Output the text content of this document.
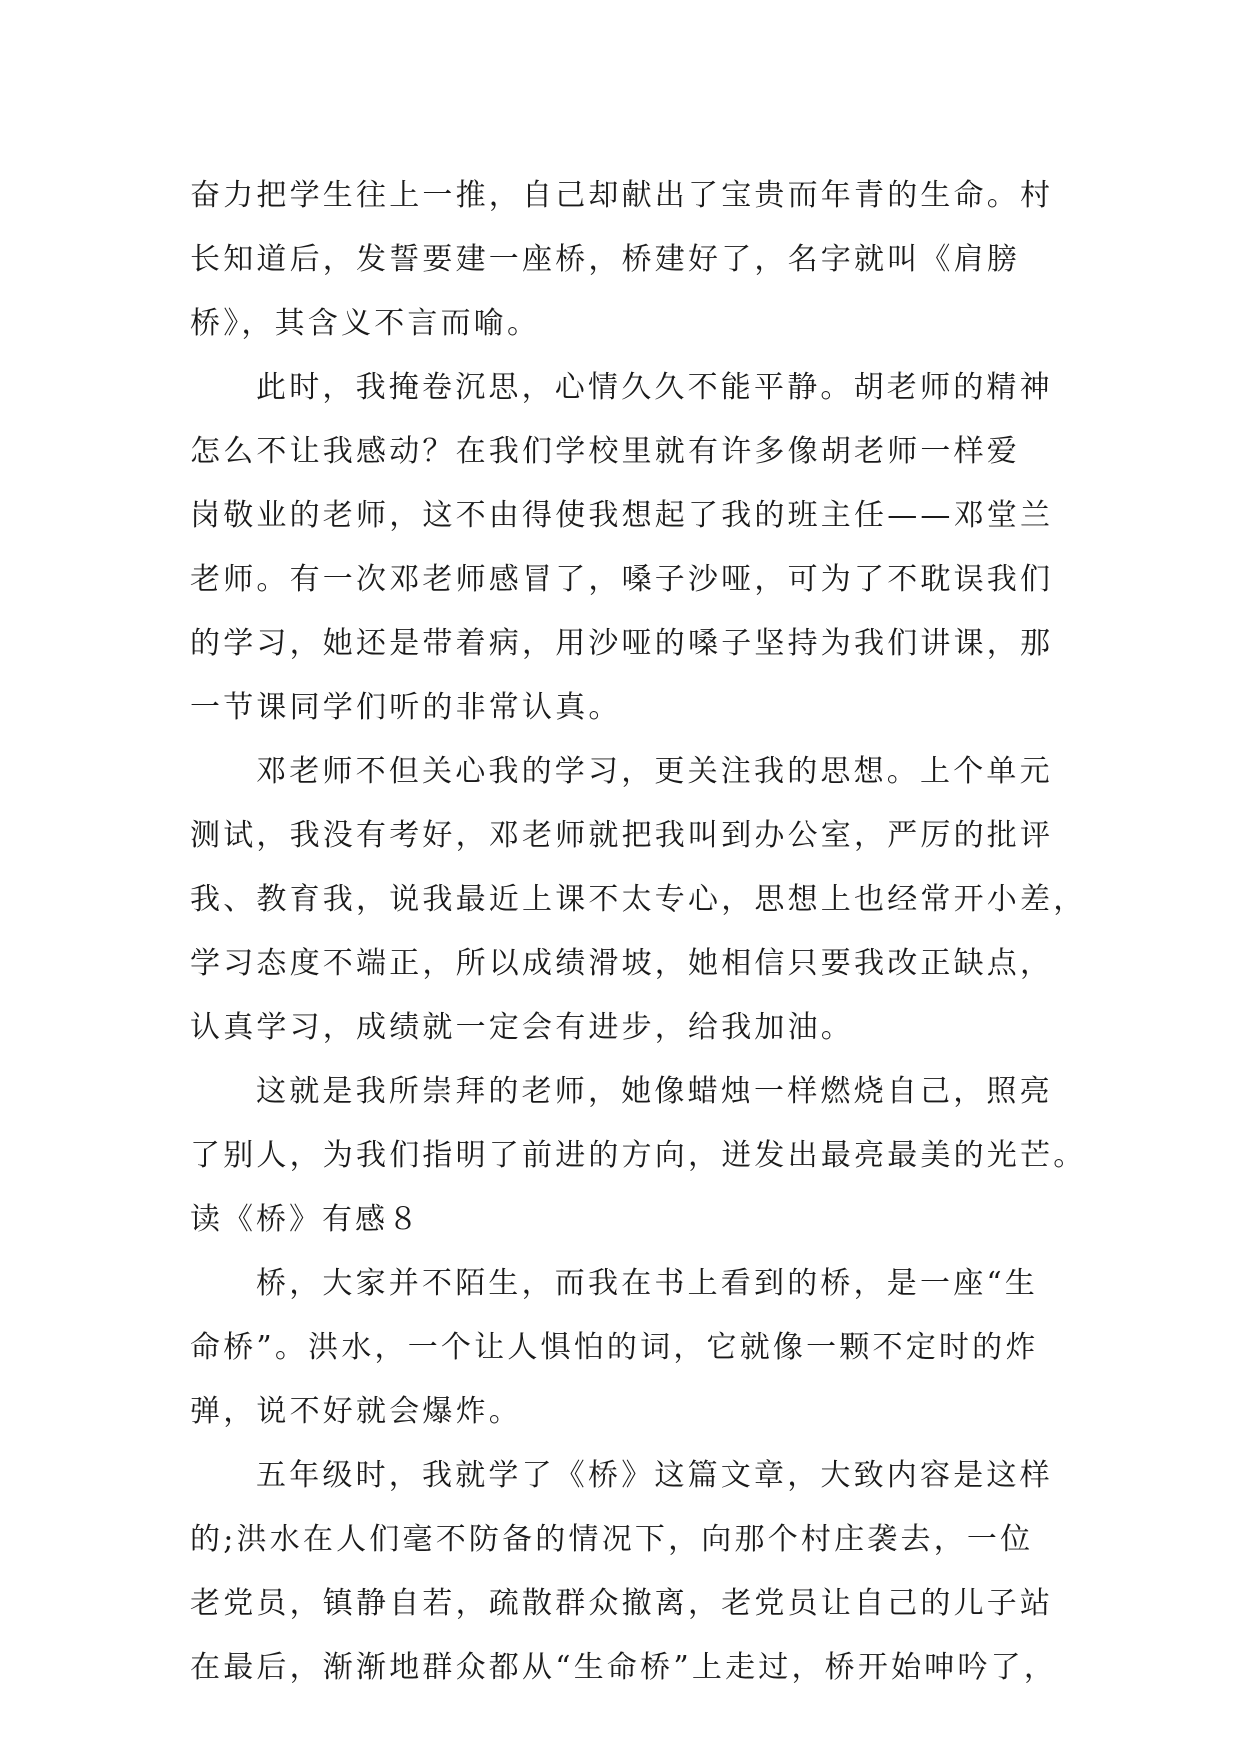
奋力把学生往上一推，自己却献出了宝贵而年青的生命。村
长知道后，发誓要建一座桥，桥建好了，名字就叫《肩膀
桥》，其含义不言而喻。
此时，我掩卷沉思，心情久久不能平静。胡老师的精神
怎么不让我感动？在我们学校里就有许多像胡老师一样爱
岗敬业的老师，这不由得使我想起了我的班主任——邓堂兰
老师。有一次邓老师感冒了，嗓子沙哑，可为了不耽误我们
的学习，她还是带着病，用沙哑的嗓子坚持为我们讲课，那
一节课同学们听的非常认真。
邓老师不但关心我的学习，更关注我的思想。上个单元
测试，我没有考好，邓老师就把我叫到办公室，严厉的批评
我、教育我，说我最近上课不太专心，思想上也经常开小差，
学习态度不端正，所以成绩滑坡，她相信只要我改正缺点，
认真学习，成绩就一定会有进步，给我加油。
这就是我所崇拜的老师，她像蜡烛一样燃烧自己，照亮
了别人，为我们指明了前进的方向，迸发出最亮最美的光芒。
读《桥》有感８
桥，大家并不陌生，而我在书上看到的桥，是一座“生
命桥”。洪水，一个让人惧怕的词，它就像一颗不定时的炸
弹，说不好就会爆炸。
五年级时，我就学了《桥》这篇文章，大致内容是这样
的;洪水在人们毫不防备的情况下，向那个村庄袭去，一位
老党员，镇静自若，疏散群众撤离，老党员让自己的儿子站
在最后，渐渐地群众都从“生命桥”上走过，桥开始呻吟了，
